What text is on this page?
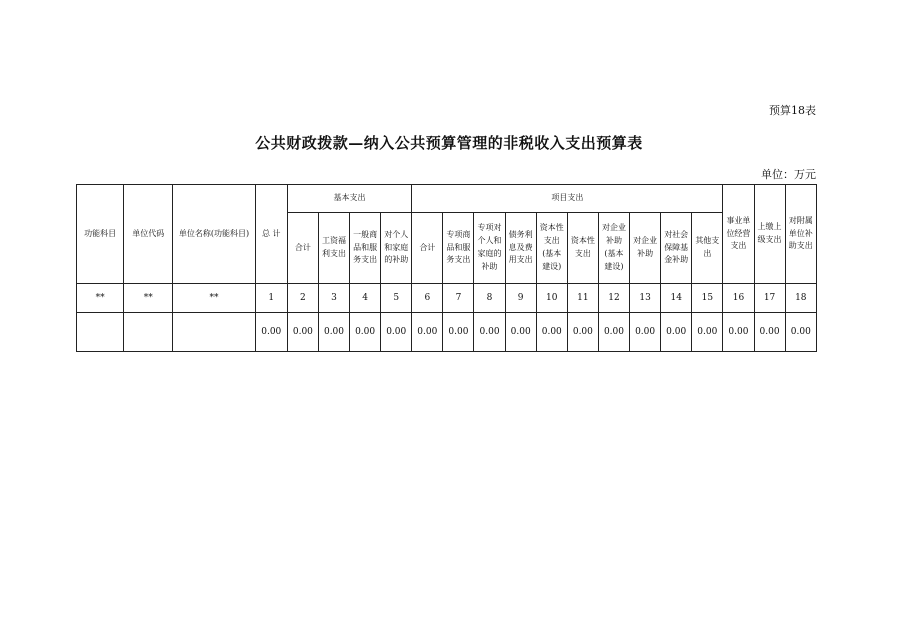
预算18表
公共财政拨款—纳入公共预算管理的非税收入支出预算表
单位：万元
功能科目	单位代码	单位名称(功能科目)	总 计	基本支出				项目支出										事业单位经营支出	上缴上级支出	对附属单位补助支出
				合计	工资福利支出	一般商品和服务支出	对个人和家庭的补助	合计	专项商品和服务支出	专项对个人和家庭的补助	债务利息及费用支出	资本性支出(基本建设)	资本性支出	对企业补助(基本建设)	对企业补助	对社会保障基金补助	其他支出			
**	**	**	1	2	3	4	5	6	7	8	9	10	11	12	13	14	15	16	17	18
			0.00	0.00	0.00	0.00	0.00	0.00	0.00	0.00	0.00	0.00	0.00	0.00	0.00	0.00	0.00	0.00	0.00	0.00
